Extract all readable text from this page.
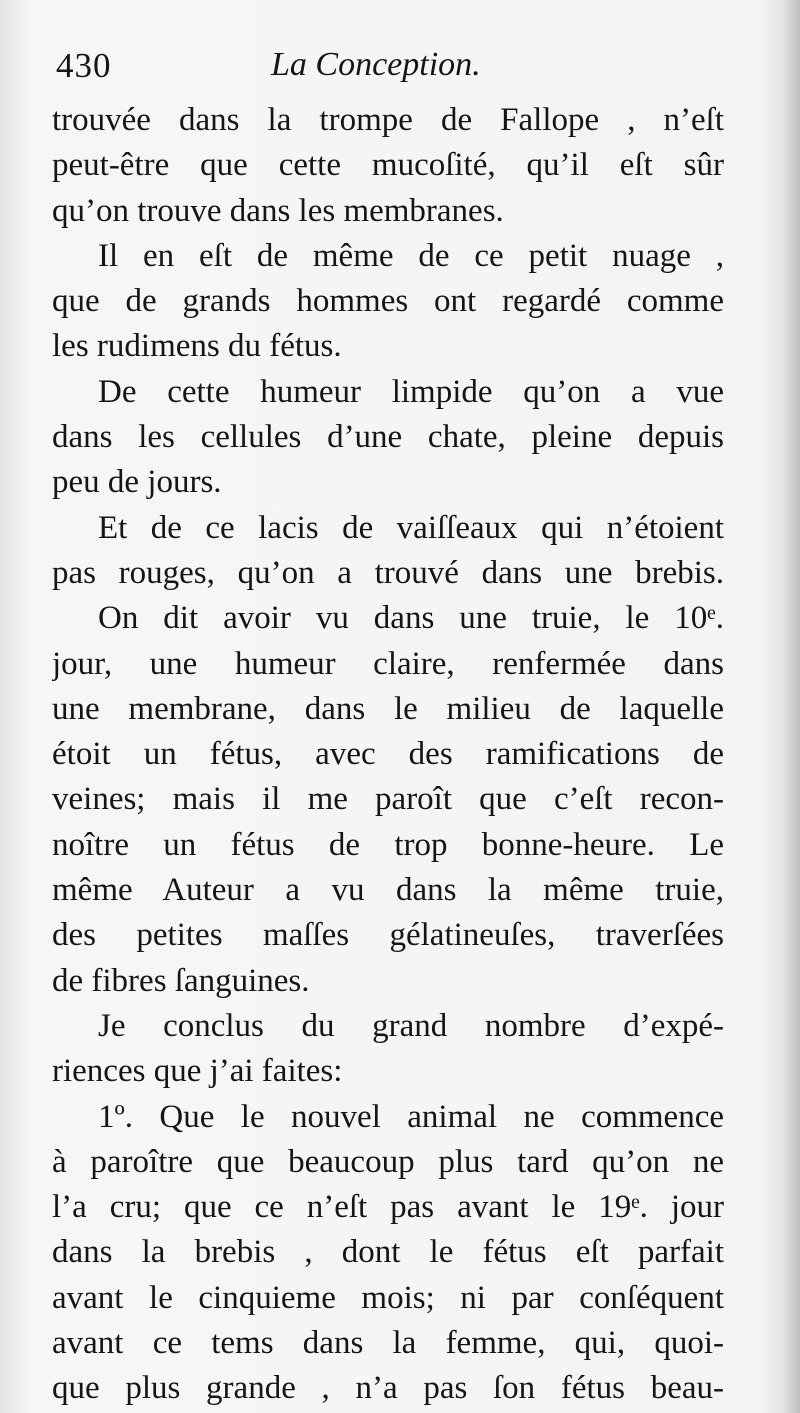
430	La Conception.
trouvée dans la trompe de Fallope , n’eſt
peut-être que cette mucoſité, qu’il eſt sûr
qu’on trouve dans les membranes.
Il en eſt de même de ce petit nuage ,
que de grands hommes ont regardé comme
les rudimens du fétus.
De cette humeur limpide qu’on a vue
dans les cellules d’une chate, pleine depuis
peu de jours.
Et de ce lacis de vaiſſeaux qui n’étoient
pas rouges, qu’on a trouvé dans une brebis.
On dit avoir vu dans une truie, le 10ᵉ.
jour, une humeur claire, renfermée dans
une membrane, dans le milieu de laquelle
étoit un fétus, avec des ramifications de
veines; mais il me paroît que c’eſt recon-
noître un fétus de trop bonne-heure. Le
même Auteur a vu dans la même truie,
des petites maſſes gélatineuſes, traverſées
de fibres ſanguines.
Je conclus du grand nombre d’expé-
riences que j’ai faites:
1º. Que le nouvel animal ne commence
à paroître que beaucoup plus tard qu’on ne
l’a cru; que ce n’eſt pas avant le 19ᵉ. jour
dans la brebis , dont le fétus eſt parfait
avant le cinquieme mois; ni par conſéquent
avant ce tems dans la femme, qui, quoi-
que plus grande , n’a pas ſon fétus beau-
